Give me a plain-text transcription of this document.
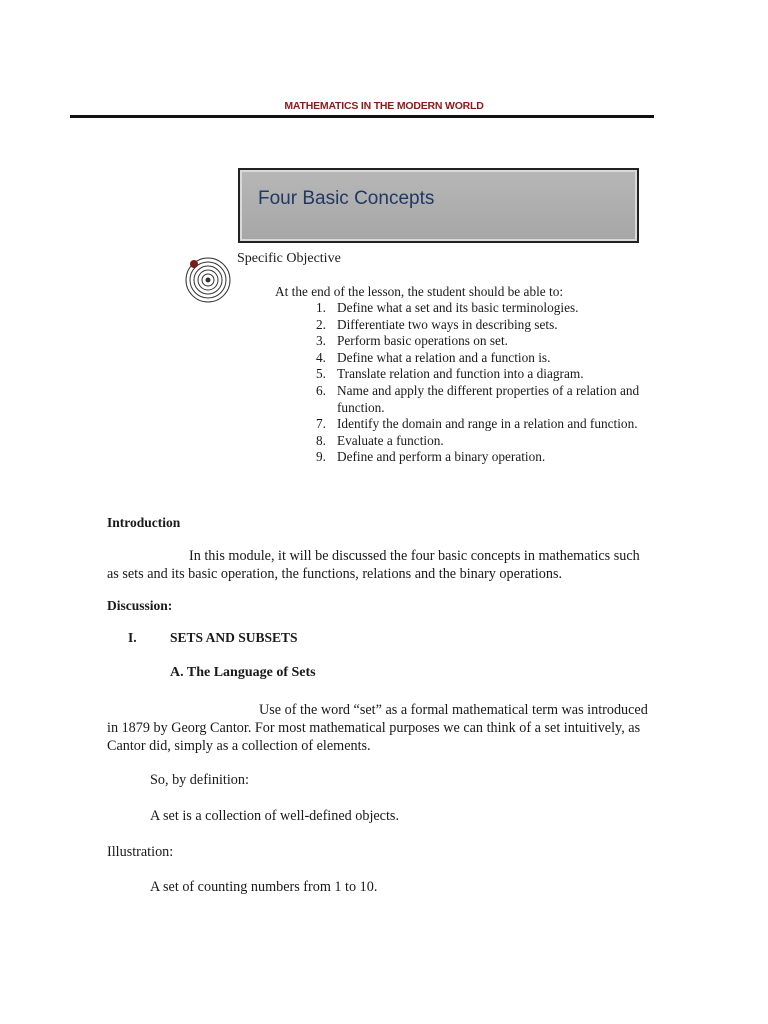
MATHEMATICS IN THE MODERN WORLD
Four Basic Concepts
Specific Objective
At the end of the lesson, the student should be able to:
1. Define what a set and its basic terminologies.
2. Differentiate two ways in describing sets.
3. Perform basic operations on set.
4. Define what a relation and a function is.
5. Translate relation and function into a diagram.
6. Name and apply the different properties of a relation and function.
7. Identify the domain and range in a relation and function.
8. Evaluate a function.
9. Define and perform a binary operation.
Introduction
In this module, it will be discussed the four basic concepts in mathematics such as sets and its basic operation, the functions, relations and the binary operations.
Discussion:
I. SETS AND SUBSETS
A. The Language of Sets
Use of the word “set” as a formal mathematical term was introduced in 1879 by Georg Cantor. For most mathematical purposes we can think of a set intuitively, as Cantor did, simply as a collection of elements.
So, by definition:
A set is a collection of well-defined objects.
Illustration:
A set of counting numbers from 1 to 10.
